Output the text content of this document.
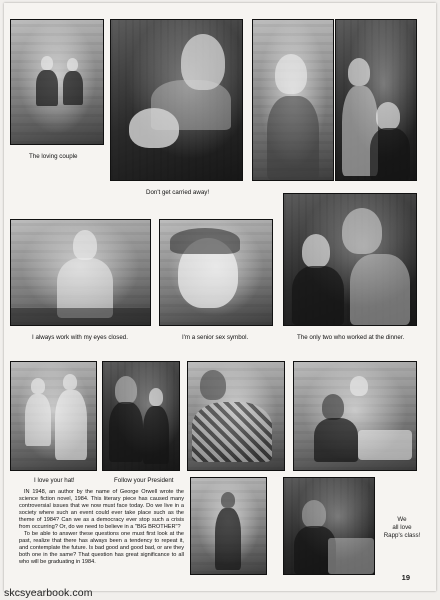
The loving couple
Don't get carried away!
I always work with my eyes closed.	I'm a senior sex symbol.	The only two who worked at the dinner.
I love your hat!	Follow your President

IN 1948, an author by the name of George Orwell wrote the science fiction novel, 1984. This literary piece has caused many controversial issues that we now must face today. Do we live in a society where such an event could ever take place such as the theme of 1984? Can we as a democracy ever stop such a crisis from occurring? Or, do we need to believe in a "BIG BROTHER"?

To be able to answer these questions one must first look at the past, realize that there has always been a tendency to repeat it, and contemplate the future. Is bad good and good bad, or are they both one in the same? That question has great significance to all who will be graduating in 1984.

We
all love
Rapp's class!
19
skcsyearbook.com
